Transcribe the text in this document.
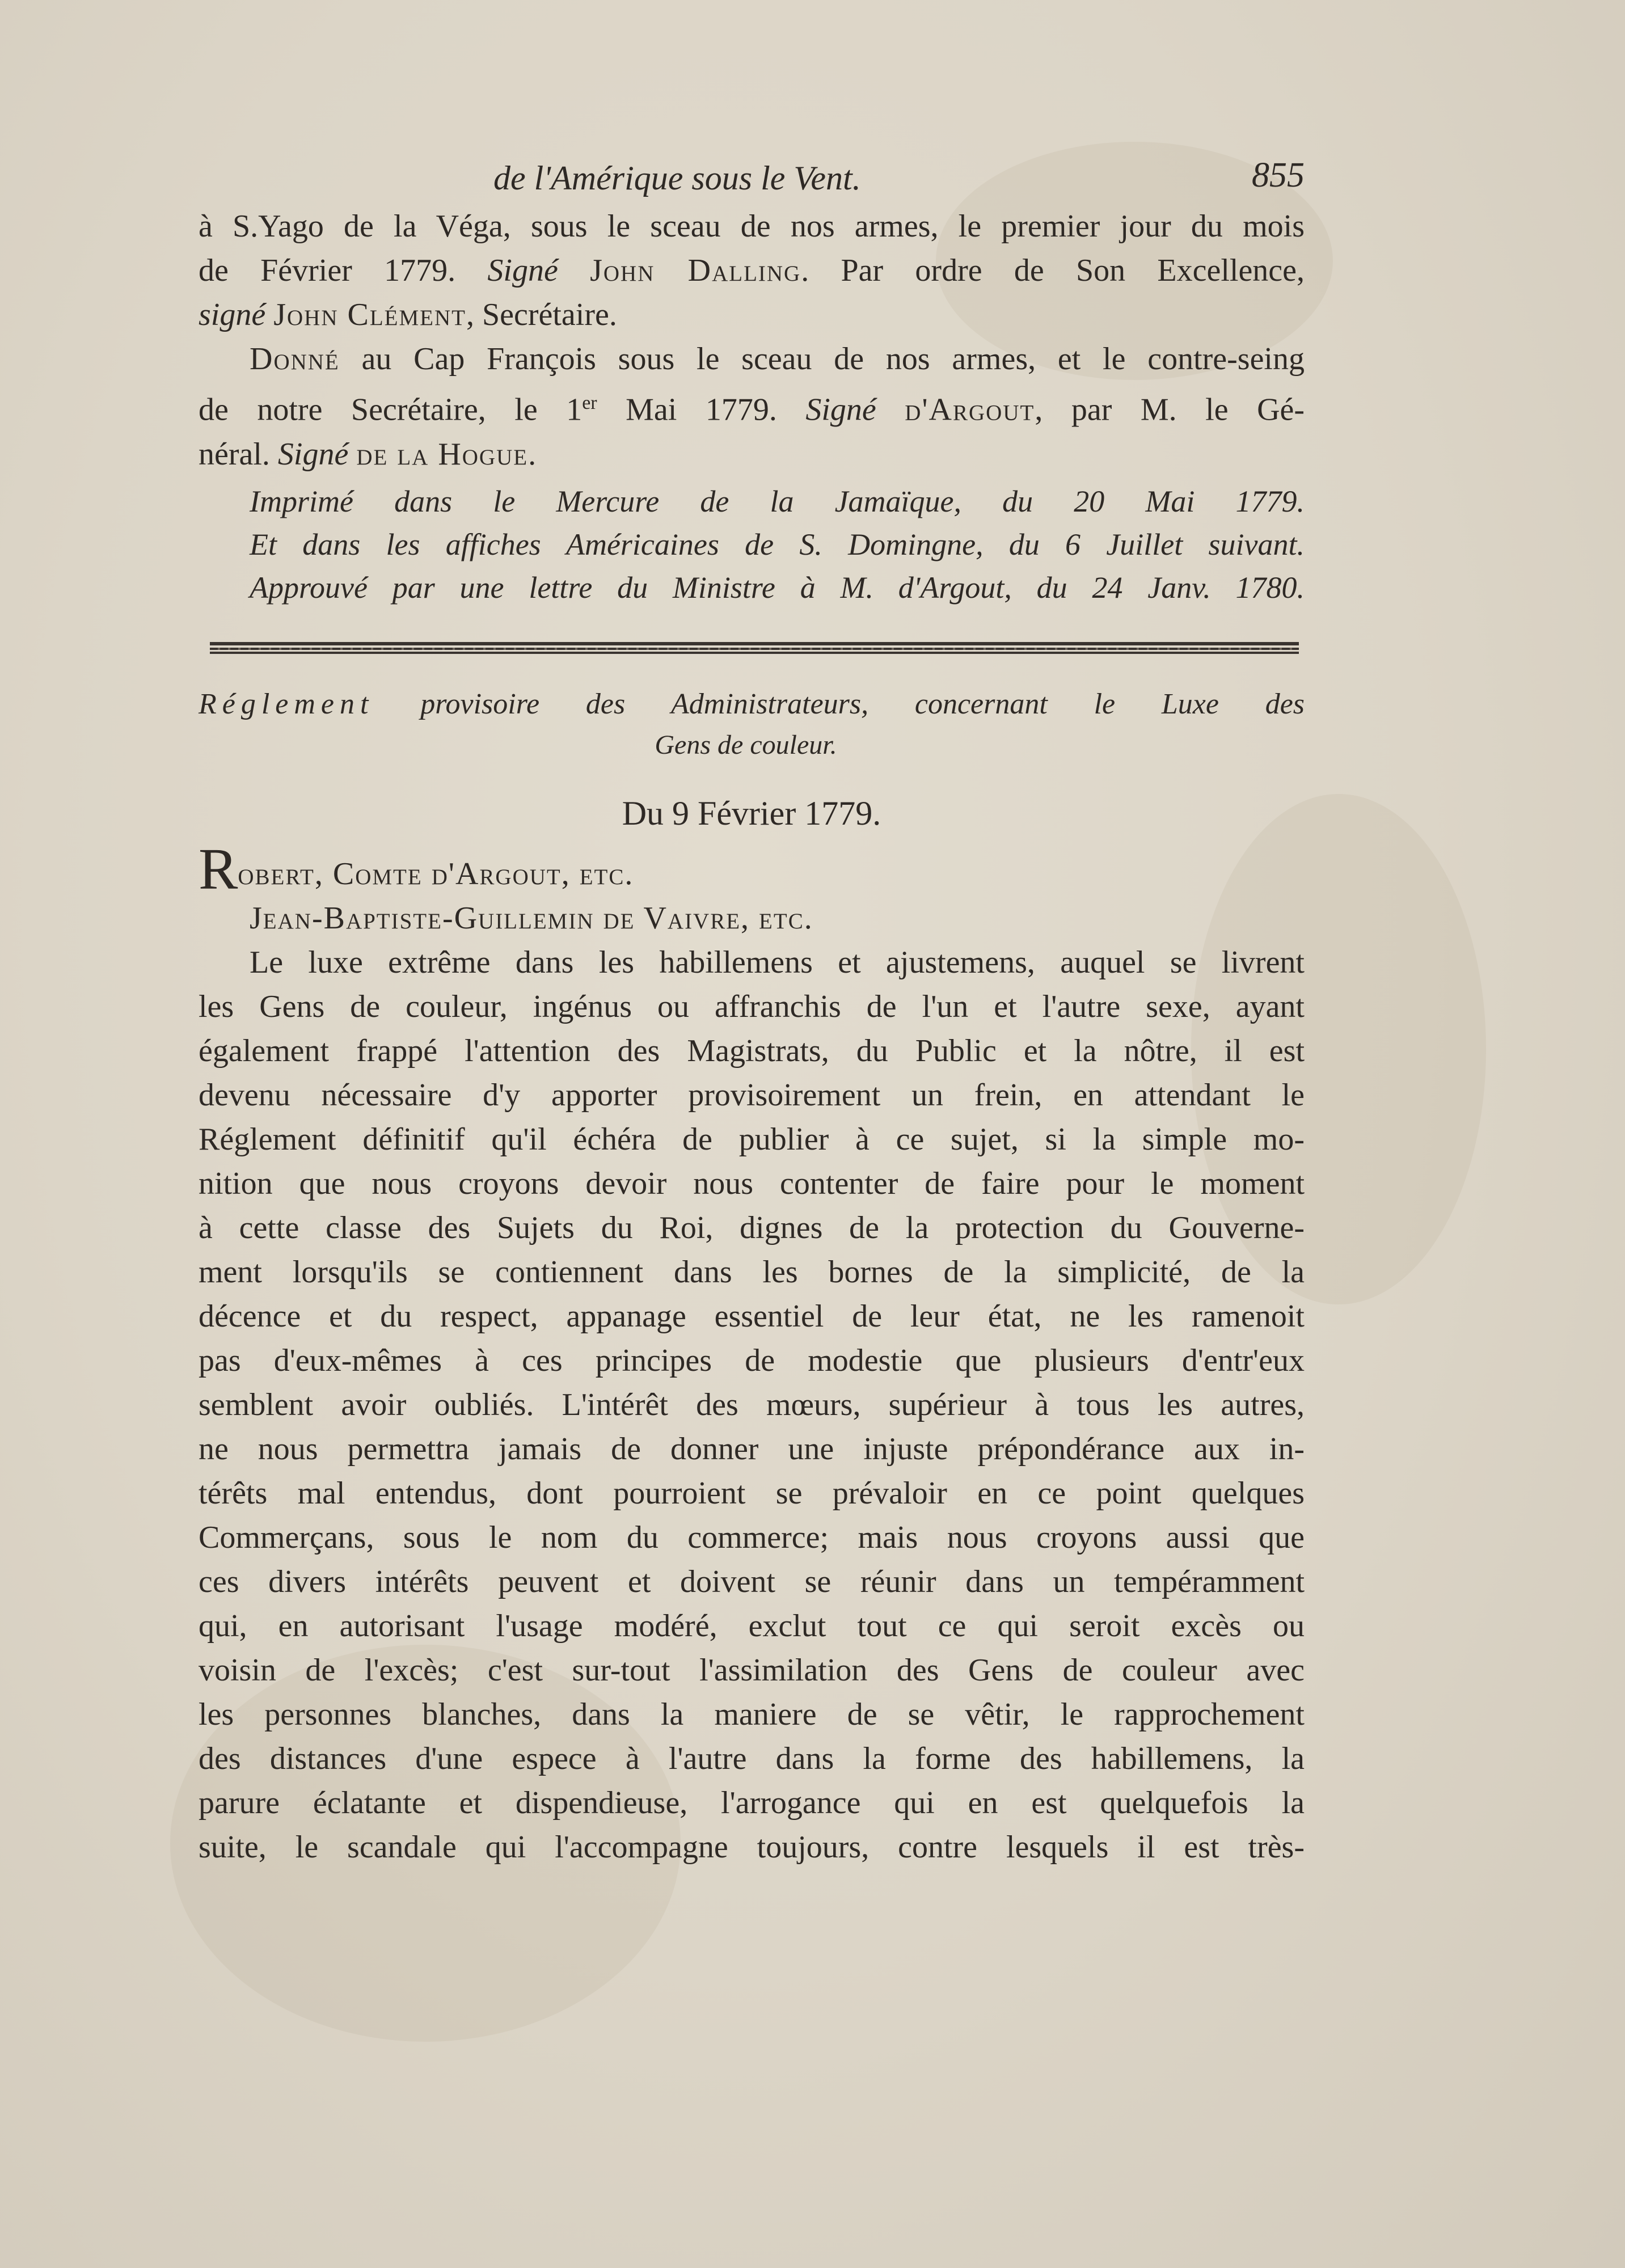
de l'Amérique sous le Vent.	855
à S.Yago de la Véga, sous le sceau de nos armes, le premier jour du mois
de Février 1779. Signé John Dalling. Par ordre de Son Excellence,
signé John Clément, Secrétaire.
Donné au Cap François sous le sceau de nos armes, et le contre-seing
de notre Secrétaire, le 1er Mai 1779. Signé d'Argout, par M. le Gé-
néral. Signé de la Hogue.
Imprimé dans le Mercure de la Jamaïque, du 20 Mai 1779.
Et dans les affiches Américaines de S. Domingne, du 6 Juillet suivant.
Approuvé par une lettre du Ministre à M. d'Argout, du 24 Janv. 1780.
Réglement provisoire des Administrateurs, concernant le Luxe des
Gens de couleur.
Du 9 Février 1779.
Robert, Comte d'Argout, etc.
Jean-Baptiste-Guillemin de Vaivre, etc.
Le luxe extrême dans les habillemens et ajustemens, auquel se livrent
les Gens de couleur, ingénus ou affranchis de l'un et l'autre sexe, ayant
également frappé l'attention des Magistrats, du Public et la nôtre, il est
devenu nécessaire d'y apporter provisoirement un frein, en attendant le
Réglement définitif qu'il échéra de publier à ce sujet, si la simple mo-
nition que nous croyons devoir nous contenter de faire pour le moment
à cette classe des Sujets du Roi, dignes de la protection du Gouverne-
ment lorsqu'ils se contiennent dans les bornes de la simplicité, de la
décence et du respect, appanage essentiel de leur état, ne les ramenoit
pas d'eux-mêmes à ces principes de modestie que plusieurs d'entr'eux
semblent avoir oubliés. L'intérêt des mœurs, supérieur à tous les autres,
ne nous permettra jamais de donner une injuste prépondérance aux in-
térêts mal entendus, dont pourroient se prévaloir en ce point quelques
Commerçans, sous le nom du commerce; mais nous croyons aussi que
ces divers intérêts peuvent et doivent se réunir dans un tempéramment
qui, en autorisant l'usage modéré, exclut tout ce qui seroit excès ou
voisin de l'excès; c'est sur-tout l'assimilation des Gens de couleur avec
les personnes blanches, dans la maniere de se vêtir, le rapprochement
des distances d'une espece à l'autre dans la forme des habillemens, la
parure éclatante et dispendieuse, l'arrogance qui en est quelquefois la
suite, le scandale qui l'accompagne toujours, contre lesquels il est très-
